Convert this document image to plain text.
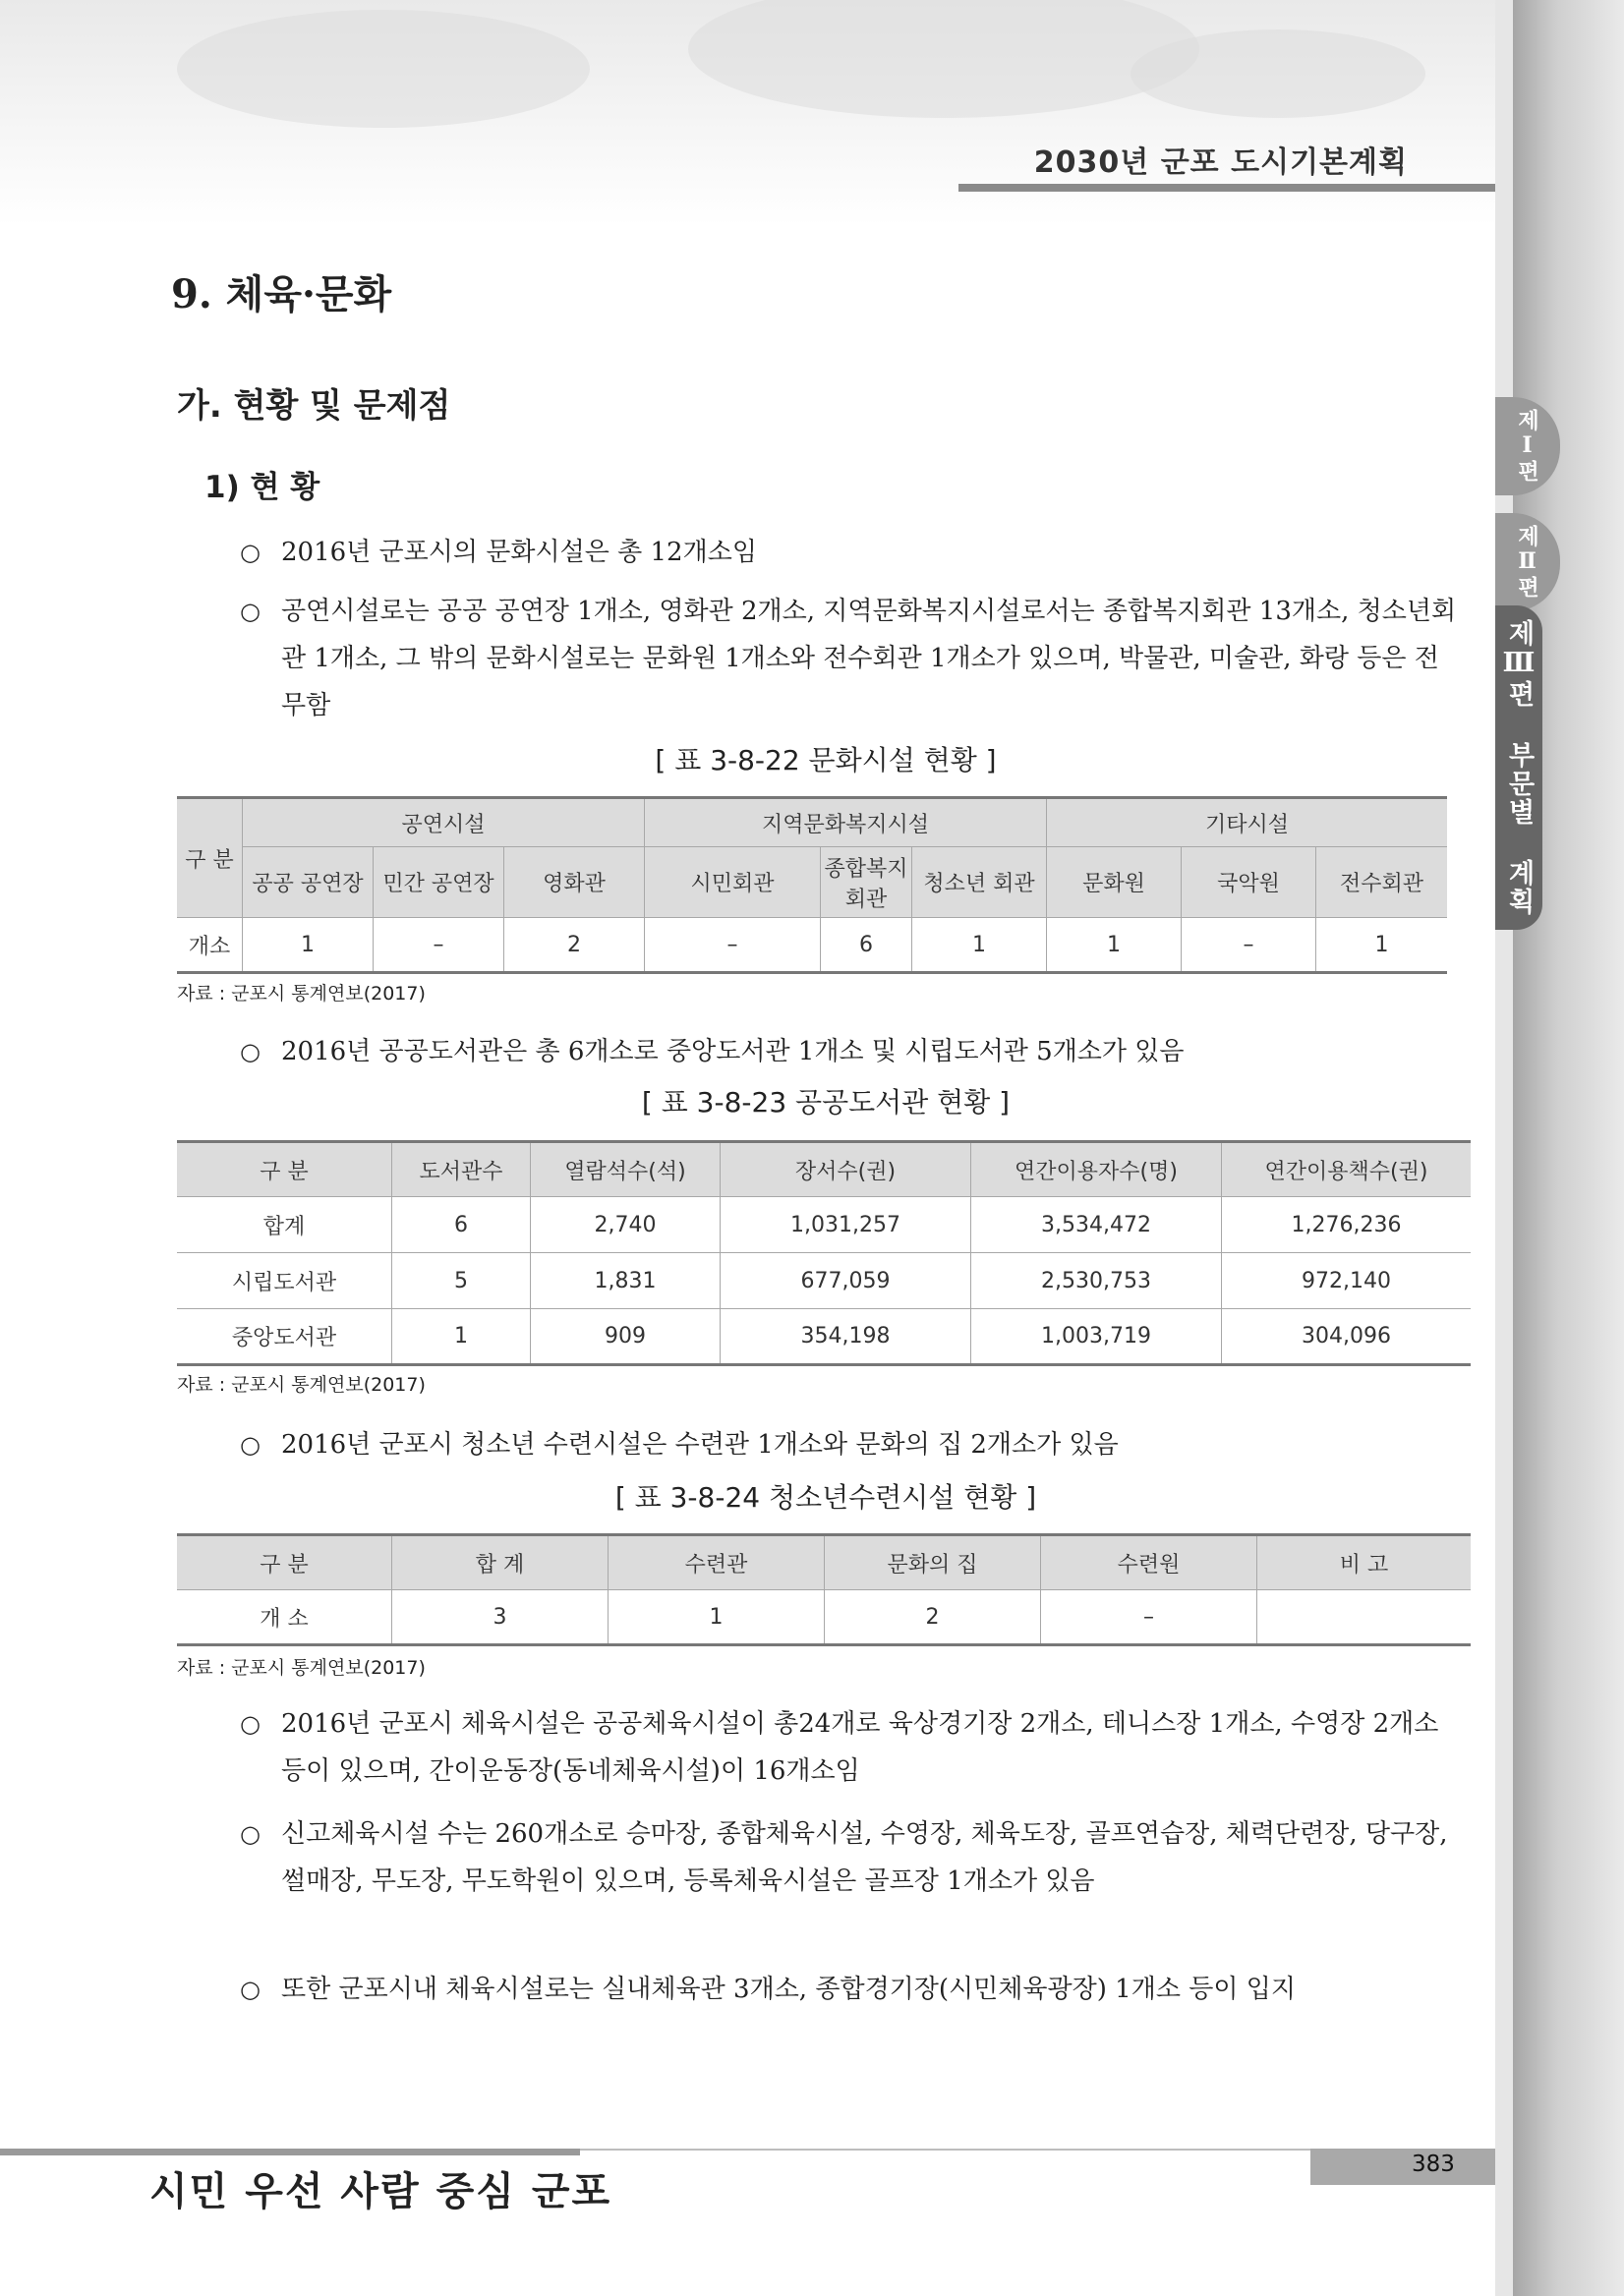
2030년 군포 도시기본계획
제Ⅰ편
제Ⅱ편
제Ⅲ편 부문별 계획
9. 체육·문화
가. 현황 및 문제점
1) 현 황
○ 2016년 군포시의 문화시설은 총 12개소임
○ 공연시설로는 공공 공연장 1개소, 영화관 2개소, 지역문화복지시설로서는 종합복지회관 13개소, 청소년회관 1개소, 그 밖의 문화시설로는 문화원 1개소와 전수회관 1개소가 있으며, 박물관, 미술관, 화랑 등은 전무함
[ 표 3-8-22 문화시설 현황 ]
구 분	공연시설			지역문화복지시설			기타시설		
	공공 공연장	민간 공연장	영화관	시민회관	종합복지 회관	청소년 회관	문화원	국악원	전수회관
개소	1	–	2	–	6	1	1	–	1
자료 : 군포시 통계연보(2017)
○ 2016년 공공도서관은 총 6개소로 중앙도서관 1개소 및 시립도서관 5개소가 있음
[ 표 3-8-23 공공도서관 현황 ]
구 분	도서관수	열람석수(석)	장서수(권)	연간이용자수(명)	연간이용책수(권)
합계	6	2,740	1,031,257	3,534,472	1,276,236
시립도서관	5	1,831	677,059	2,530,753	972,140
중앙도서관	1	909	354,198	1,003,719	304,096
자료 : 군포시 통계연보(2017)
○ 2016년 군포시 청소년 수련시설은 수련관 1개소와 문화의 집 2개소가 있음
[ 표 3-8-24 청소년수련시설 현황 ]
구 분	합 계	수련관	문화의 집	수련원	비 고
개 소	3	1	2	–	
자료 : 군포시 통계연보(2017)
○ 2016년 군포시 체육시설은 공공체육시설이 총24개로 육상경기장 2개소, 테니스장 1개소, 수영장 2개소 등이 있으며, 간이운동장(동네체육시설)이 16개소임
○ 신고체육시설 수는 260개소로 승마장, 종합체육시설, 수영장, 체육도장, 골프연습장, 체력단련장, 당구장, 썰매장, 무도장, 무도학원이 있으며, 등록체육시설은 골프장 1개소가 있음
○ 또한 군포시내 체육시설로는 실내체육관 3개소, 종합경기장(시민체육광장) 1개소 등이 입지
383
시민 우선 사람 중심 군포
